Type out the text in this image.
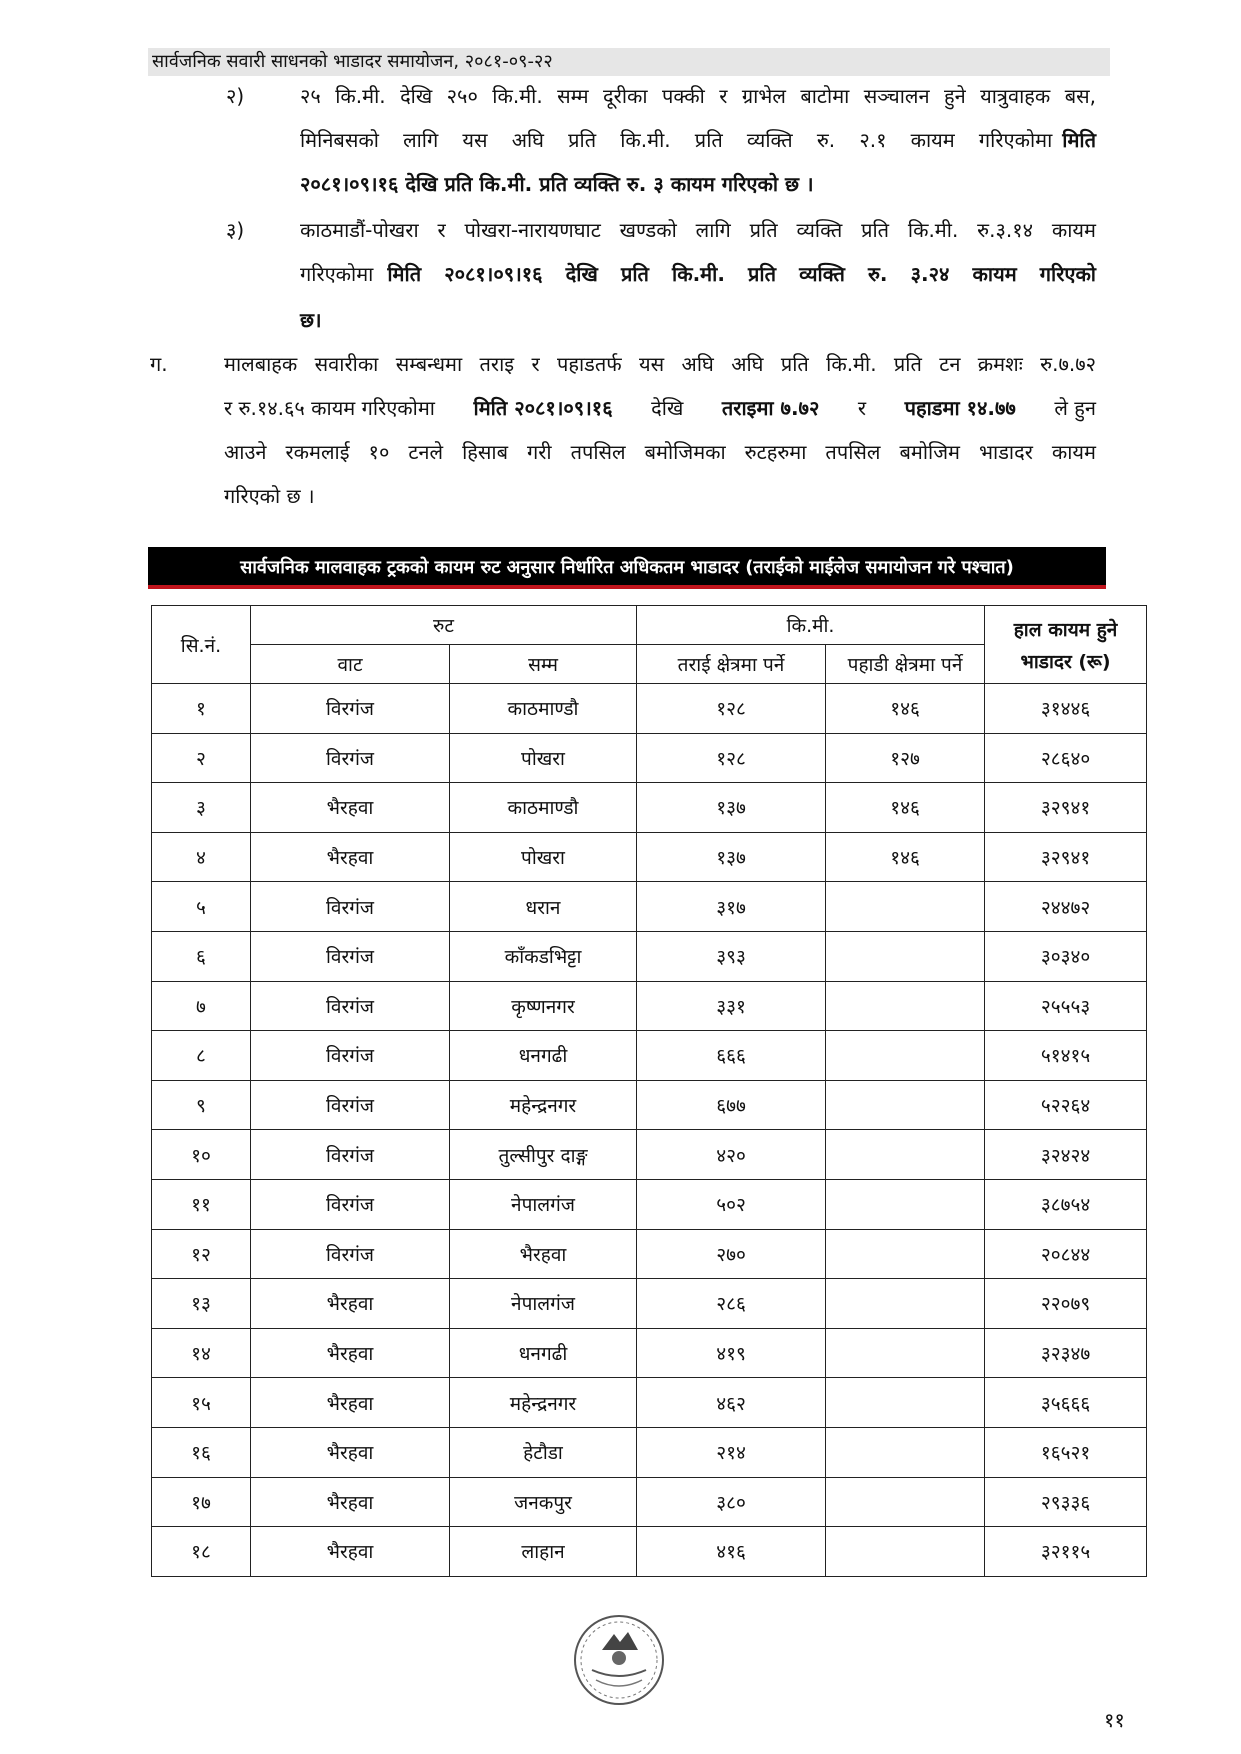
सार्वजनिक सवारी साधनको भाडादर समायोजन, २०८१-०९-२२
२)	२५ कि.मी. देखि २५० कि.मी. सम्म दूरीका पक्की र ग्राभेल बाटोमा सञ्चालन हुने यात्रुवाहक बस,
मिनिबसको लागि यस अघि प्रति कि.मी. प्रति व्यक्ति रु. २.१ कायम गरिएकोमा मिति
२०८१।०९।१६ देखि प्रति कि.मी. प्रति व्यक्ति रु. ३ कायम गरिएको छ ।
३)	काठमाडौं-पोखरा र पोखरा-नारायणघाट खण्डको लागि प्रति व्यक्ति प्रति कि.मी. रु.३.१४ कायम
गरिएकोमा मिति २०८१।०९।१६ देखि प्रति कि.मी. प्रति व्यक्ति रु. ३.२४ कायम गरिएको
छ।
ग.	मालबाहक सवारीका सम्बन्धमा तराइ र पहाडतर्फ यस अघि अघि प्रति कि.मी. प्रति टन क्रमशः रु.७.७२
र रु.१४.६५ कायम गरिएकोमा मिति २०८१।०९।१६ देखि तराइमा ७.७२ र पहाडमा १४.७७ ले हुन
आउने रकमलाई १० टनले हिसाब गरी तपसिल बमोजिमका रुटहरुमा तपसिल बमोजिम भाडादर कायम
गरिएको छ ।
सार्वजनिक मालवाहक ट्रकको कायम रुट अनुसार निर्धारित अधिकतम भाडादर (तराईको माईलेज समायोजन गरे पश्चात)
सि.नं.	रुट		कि.मी.		हाल कायम हुने
भाडादर (रू)

	वाट	सम्म	तराई क्षेत्रमा पर्ने	पहाडी क्षेत्रमा पर्ने	
१	विरगंज	काठमाण्डौ	१२८	१४६	३१४४६
२	विरगंज	पोखरा	१२८	१२७	२८६४०
३	भैरहवा	काठमाण्डौ	१३७	१४६	३२९४१
४	भैरहवा	पोखरा	१३७	१४६	३२९४१
५	विरगंज	धरान	३१७		२४४७२
६	विरगंज	काँकडभिट्टा	३९३		३०३४०
७	विरगंज	कृष्णनगर	३३१		२५५५३
८	विरगंज	धनगढी	६६६		५१४१५
९	विरगंज	महेन्द्रनगर	६७७		५२२६४
१०	विरगंज	तुल्सीपुर दाङ्ग	४२०		३२४२४
११	विरगंज	नेपालगंज	५०२		३८७५४
१२	विरगंज	भैरहवा	२७०		२०८४४
१३	भैरहवा	नेपालगंज	२८६		२२०७९
१४	भैरहवा	धनगढी	४१९		३२३४७
१५	भैरहवा	महेन्द्रनगर	४६२		३५६६६
१६	भैरहवा	हेटौडा	२१४		१६५२१
१७	भैरहवा	जनकपुर	३८०		२९३३६
१८	भैरहवा	लाहान	४१६		३२११५
११
